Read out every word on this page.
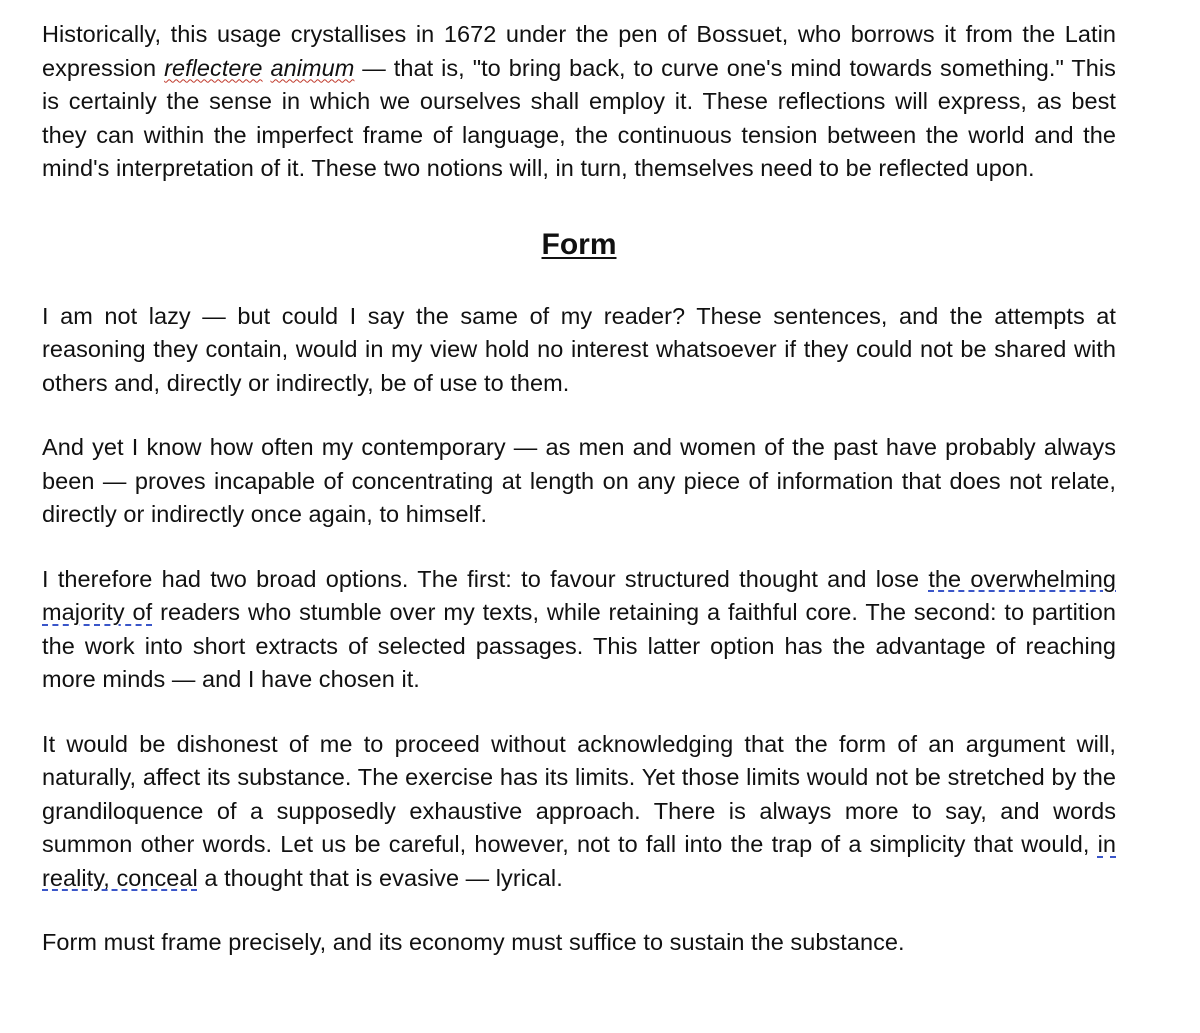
Historically, this usage crystallises in 1672 under the pen of Bossuet, who borrows it from the Latin expression reflectere animum — that is, "to bring back, to curve one's mind towards something." This is certainly the sense in which we ourselves shall employ it. These reflections will express, as best they can within the imperfect frame of language, the continuous tension between the world and the mind's interpretation of it. These two notions will, in turn, themselves need to be reflected upon.

Form

I am not lazy — but could I say the same of my reader? These sentences, and the attempts at reasoning they contain, would in my view hold no interest whatsoever if they could not be shared with others and, directly or indirectly, be of use to them.

And yet I know how often my contemporary — as men and women of the past have probably always been — proves incapable of concentrating at length on any piece of information that does not relate, directly or indirectly once again, to himself.

I therefore had two broad options. The first: to favour structured thought and lose the overwhelming majority of readers who stumble over my texts, while retaining a faithful core. The second: to partition the work into short extracts of selected passages. This latter option has the advantage of reaching more minds — and I have chosen it.

It would be dishonest of me to proceed without acknowledging that the form of an argument will, naturally, affect its substance. The exercise has its limits. Yet those limits would not be stretched by the grandiloquence of a supposedly exhaustive approach. There is always more to say, and words summon other words. Let us be careful, however, not to fall into the trap of a simplicity that would, in reality, conceal a thought that is evasive — lyrical.

Form must frame precisely, and its economy must suffice to sustain the substance.
